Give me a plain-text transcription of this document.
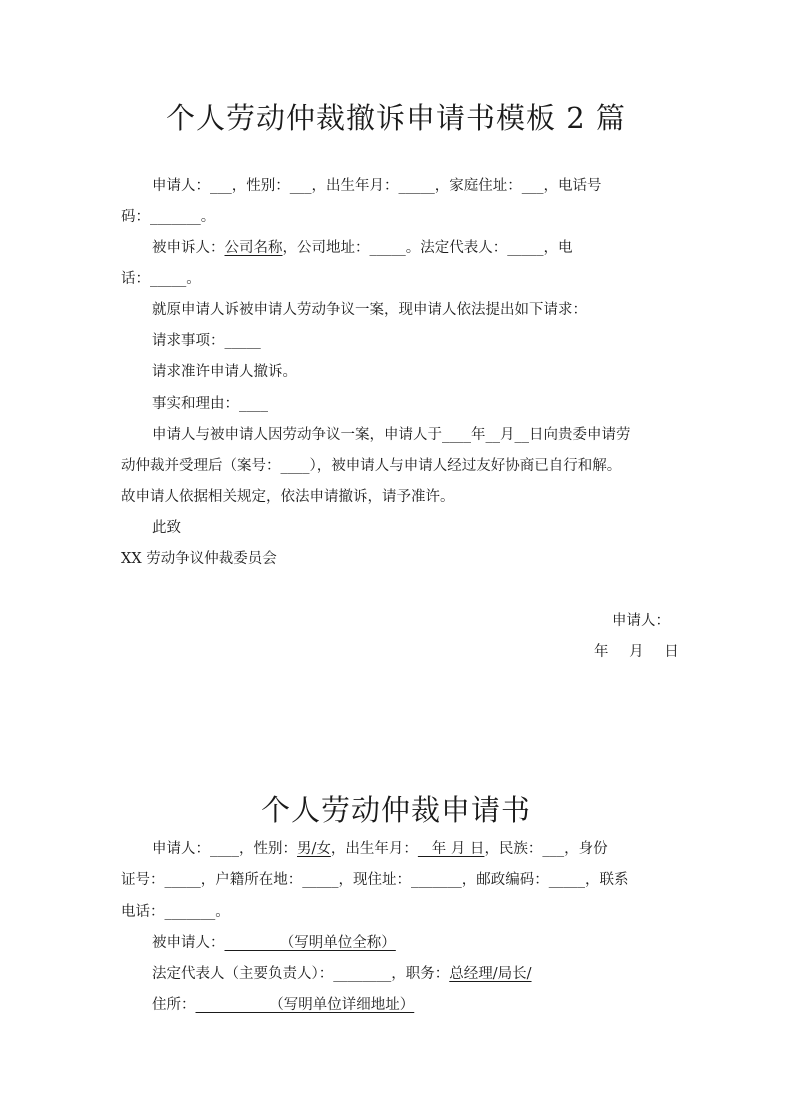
个人劳动仲裁撤诉申请书模板 2 篇
申请人：___，性别：___，出生年月：_____，家庭住址：___，电话号
码：_______。
被申诉人：公司名称，公司地址：_____。法定代表人：_____，电
话：_____。
就原申请人诉被申请人劳动争议一案，现申请人依法提出如下请求：
请求事项：_____
请求准许申请人撤诉。
事实和理由：____
申请人与被申请人因劳动争议一案，申请人于____年__月__日向贵委申请劳
动仲裁并受理后（案号：____），被申请人与申请人经过友好协商已自行和解。
故申请人依据相关规定，依法申请撤诉，请予准许。
此致
XX 劳动争议仲裁委员会
申请人：
年 月 日
个人劳动仲裁申请书
申请人：____，性别：男/女，出生年月：   年 月 日，民族：___，身份
证号：_____，户籍所在地：_____，现住址：_______，邮政编码：_____，联系
电话：_______。
被申请人：            （写明单位全称）
法定代表人（主要负责人）：________，职务：总经理/局长/
住所：                （写明单位详细地址）
